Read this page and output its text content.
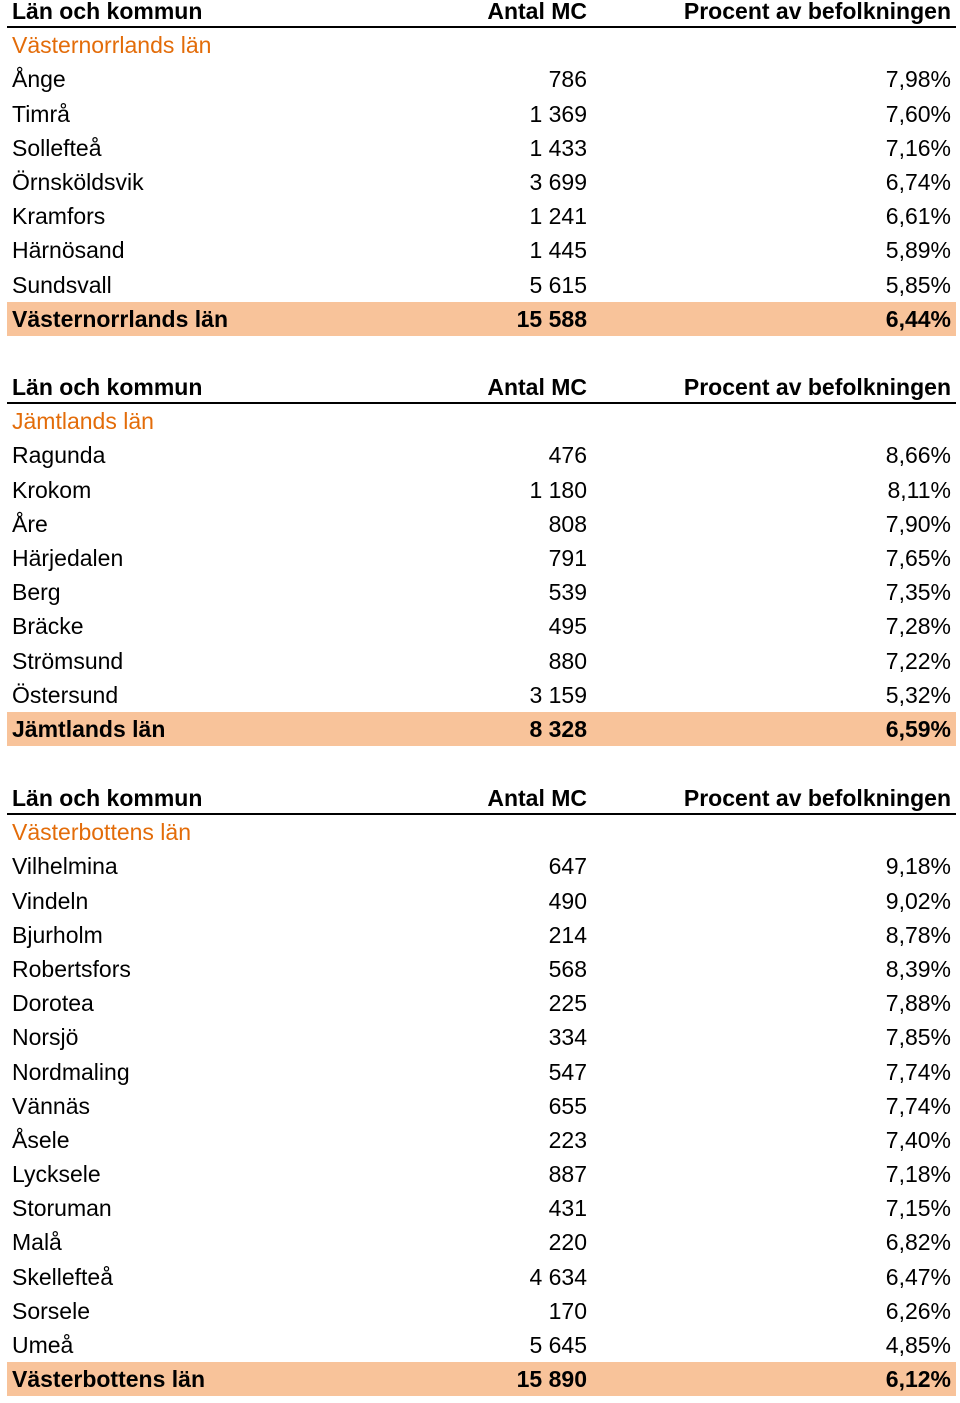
Län och kommun	Antal MC	Procent av befolkningen
Västernorrlands län
Ånge	786	7,98%
Timrå	1 369	7,60%
Sollefteå	1 433	7,16%
Örnsköldsvik	3 699	6,74%
Kramfors	1 241	6,61%
Härnösand	1 445	5,89%
Sundsvall	5 615	5,85%
Västernorrlands län	15 588	6,44%
Län och kommun	Antal MC	Procent av befolkningen
Jämtlands län
Ragunda	476	8,66%
Krokom	1 180	8,11%
Åre	808	7,90%
Härjedalen	791	7,65%
Berg	539	7,35%
Bräcke	495	7,28%
Strömsund	880	7,22%
Östersund	3 159	5,32%
Jämtlands län	8 328	6,59%
Län och kommun	Antal MC	Procent av befolkningen
Västerbottens län
Vilhelmina	647	9,18%
Vindeln	490	9,02%
Bjurholm	214	8,78%
Robertsfors	568	8,39%
Dorotea	225	7,88%
Norsjö	334	7,85%
Nordmaling	547	7,74%
Vännäs	655	7,74%
Åsele	223	7,40%
Lycksele	887	7,18%
Storuman	431	7,15%
Malå	220	6,82%
Skellefteå	4 634	6,47%
Sorsele	170	6,26%
Umeå	5 645	4,85%
Västerbottens län	15 890	6,12%
